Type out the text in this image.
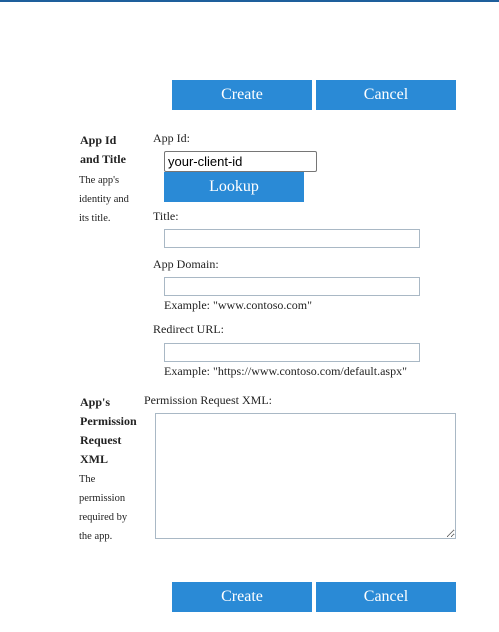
Create	Cancel
App Id
and Title
The app's
identity and
its title.
App Id:
your-client-id
Lookup
Title:
App Domain:
Example: "www.contoso.com"
Redirect URL:
Example: "https://www.contoso.com/default.aspx"
App's
Permission
Request
XML
The
permission
required by
the app.
Permission Request XML:
Create	Cancel
